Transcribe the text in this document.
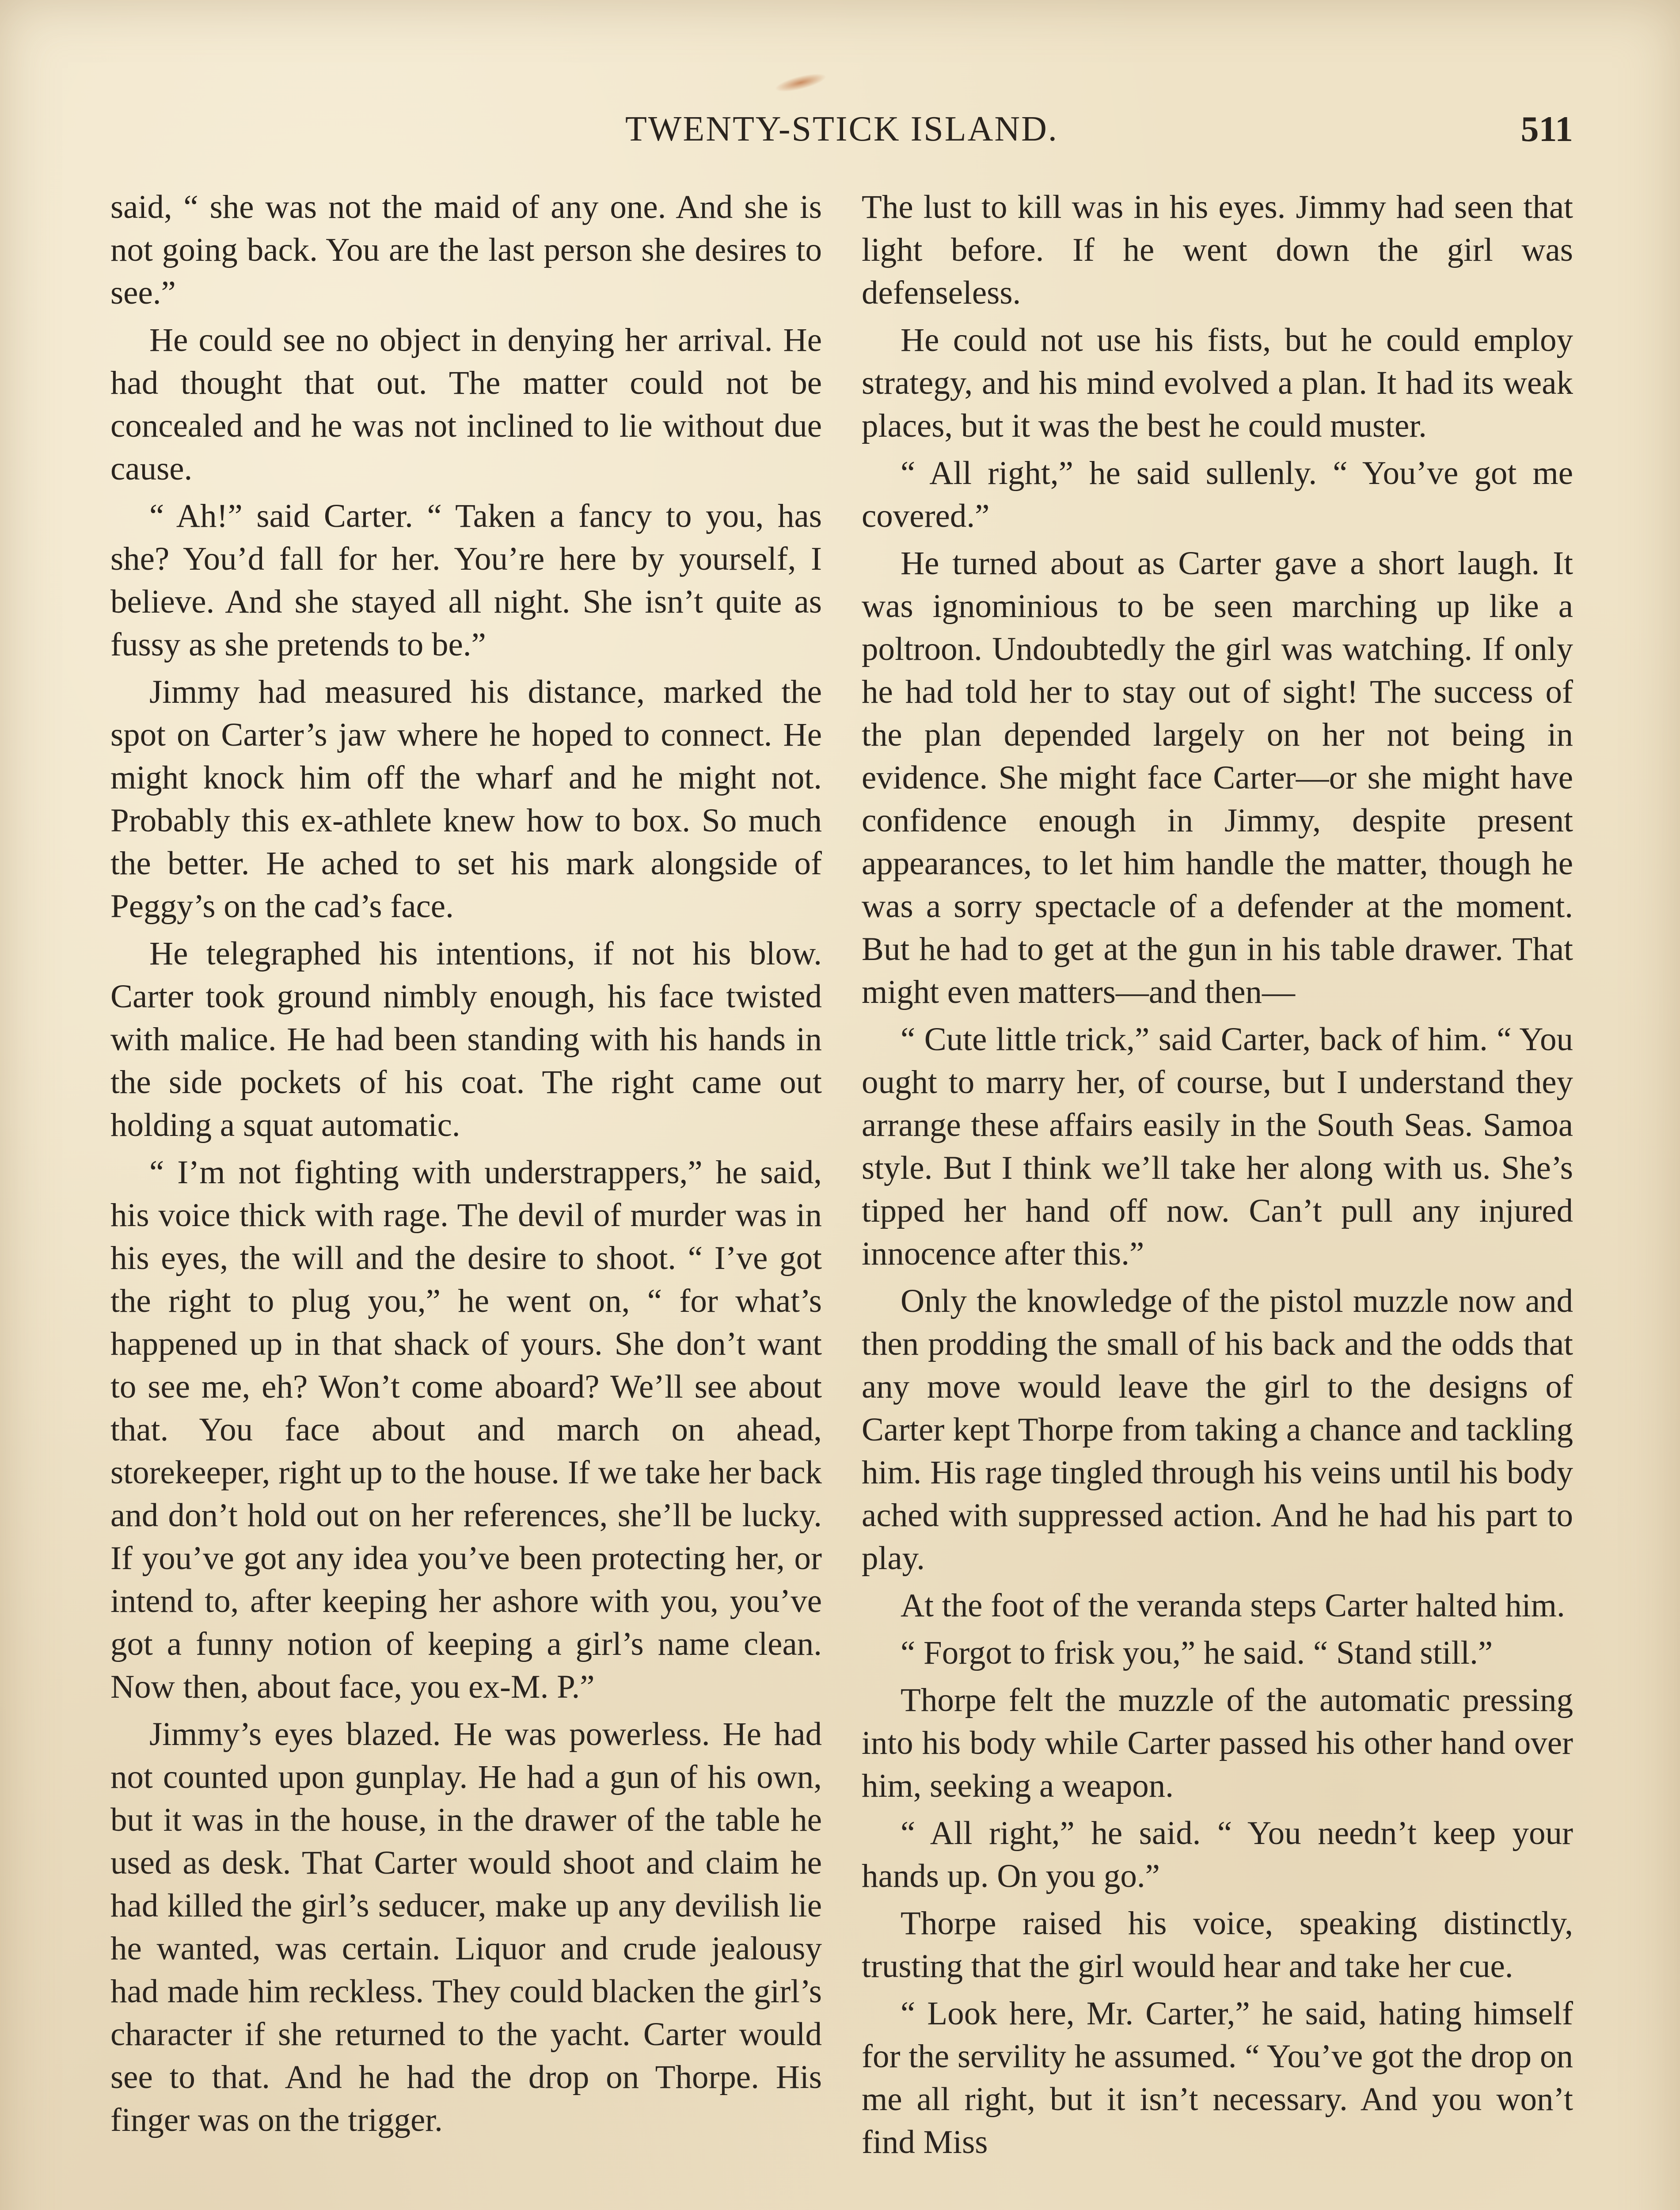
TWENTY-STICK ISLAND.	511

said, “ she was not the maid of any one. And she is not going back. You are the last person she desires to see.”

He could see no object in denying her arrival. He had thought that out. The matter could not be concealed and he was not inclined to lie without due cause.

“ Ah!” said Carter. “ Taken a fancy to you, has she? You’d fall for her. You’re here by yourself, I believe. And she stayed all night. She isn’t quite as fussy as she pretends to be.”

Jimmy had measured his distance, marked the spot on Carter’s jaw where he hoped to connect. He might knock him off the wharf and he might not. Probably this ex-athlete knew how to box. So much the better. He ached to set his mark alongside of Peggy’s on the cad’s face.

He telegraphed his intentions, if not his blow. Carter took ground nimbly enough, his face twisted with malice. He had been standing with his hands in the side pockets of his coat. The right came out holding a squat automatic.

“ I’m not fighting with understrappers,” he said, his voice thick with rage. The devil of murder was in his eyes, the will and the desire to shoot. “ I’ve got the right to plug you,” he went on, “ for what’s happened up in that shack of yours. She don’t want to see me, eh? Won’t come aboard? We’ll see about that. You face about and march on ahead, storekeeper, right up to the house. If we take her back and don’t hold out on her references, she’ll be lucky. If you’ve got any idea you’ve been protecting her, or intend to, after keeping her ashore with you, you’ve got a funny notion of keeping a girl’s name clean. Now then, about face, you ex-M. P.”

Jimmy’s eyes blazed. He was powerless. He had not counted upon gunplay. He had a gun of his own, but it was in the house, in the drawer of the table he used as desk. That Carter would shoot and claim he had killed the girl’s seducer, make up any devilish lie he wanted, was certain. Liquor and crude jealousy had made him reckless. They could blacken the girl’s character if she returned to the yacht. Carter would see to that. And he had the drop on Thorpe. His finger was on the trigger.

The lust to kill was in his eyes. Jimmy had seen that light before. If he went down the girl was defenseless.

He could not use his fists, but he could employ strategy, and his mind evolved a plan. It had its weak places, but it was the best he could muster.

“ All right,” he said sullenly. “ You’ve got me covered.”

He turned about as Carter gave a short laugh. It was ignominious to be seen marching up like a poltroon. Undoubtedly the girl was watching. If only he had told her to stay out of sight! The success of the plan depended largely on her not being in evidence. She might face Carter—or she might have confidence enough in Jimmy, despite present appearances, to let him handle the matter, though he was a sorry spectacle of a defender at the moment. But he had to get at the gun in his table drawer. That might even matters—and then—

“ Cute little trick,” said Carter, back of him. “ You ought to marry her, of course, but I understand they arrange these affairs easily in the South Seas. Samoa style. But I think we’ll take her along with us. She’s tipped her hand off now. Can’t pull any injured innocence after this.”

Only the knowledge of the pistol muzzle now and then prodding the small of his back and the odds that any move would leave the girl to the designs of Carter kept Thorpe from taking a chance and tackling him. His rage tingled through his veins until his body ached with suppressed action. And he had his part to play.

At the foot of the veranda steps Carter halted him.

“ Forgot to frisk you,” he said. “ Stand still.”

Thorpe felt the muzzle of the automatic pressing into his body while Carter passed his other hand over him, seeking a weapon.

“ All right,” he said. “ You needn’t keep your hands up. On you go.”

Thorpe raised his voice, speaking distinctly, trusting that the girl would hear and take her cue.

“ Look here, Mr. Carter,” he said, hating himself for the servility he assumed. “ You’ve got the drop on me all right, but it isn’t necessary. And you won’t find Miss
